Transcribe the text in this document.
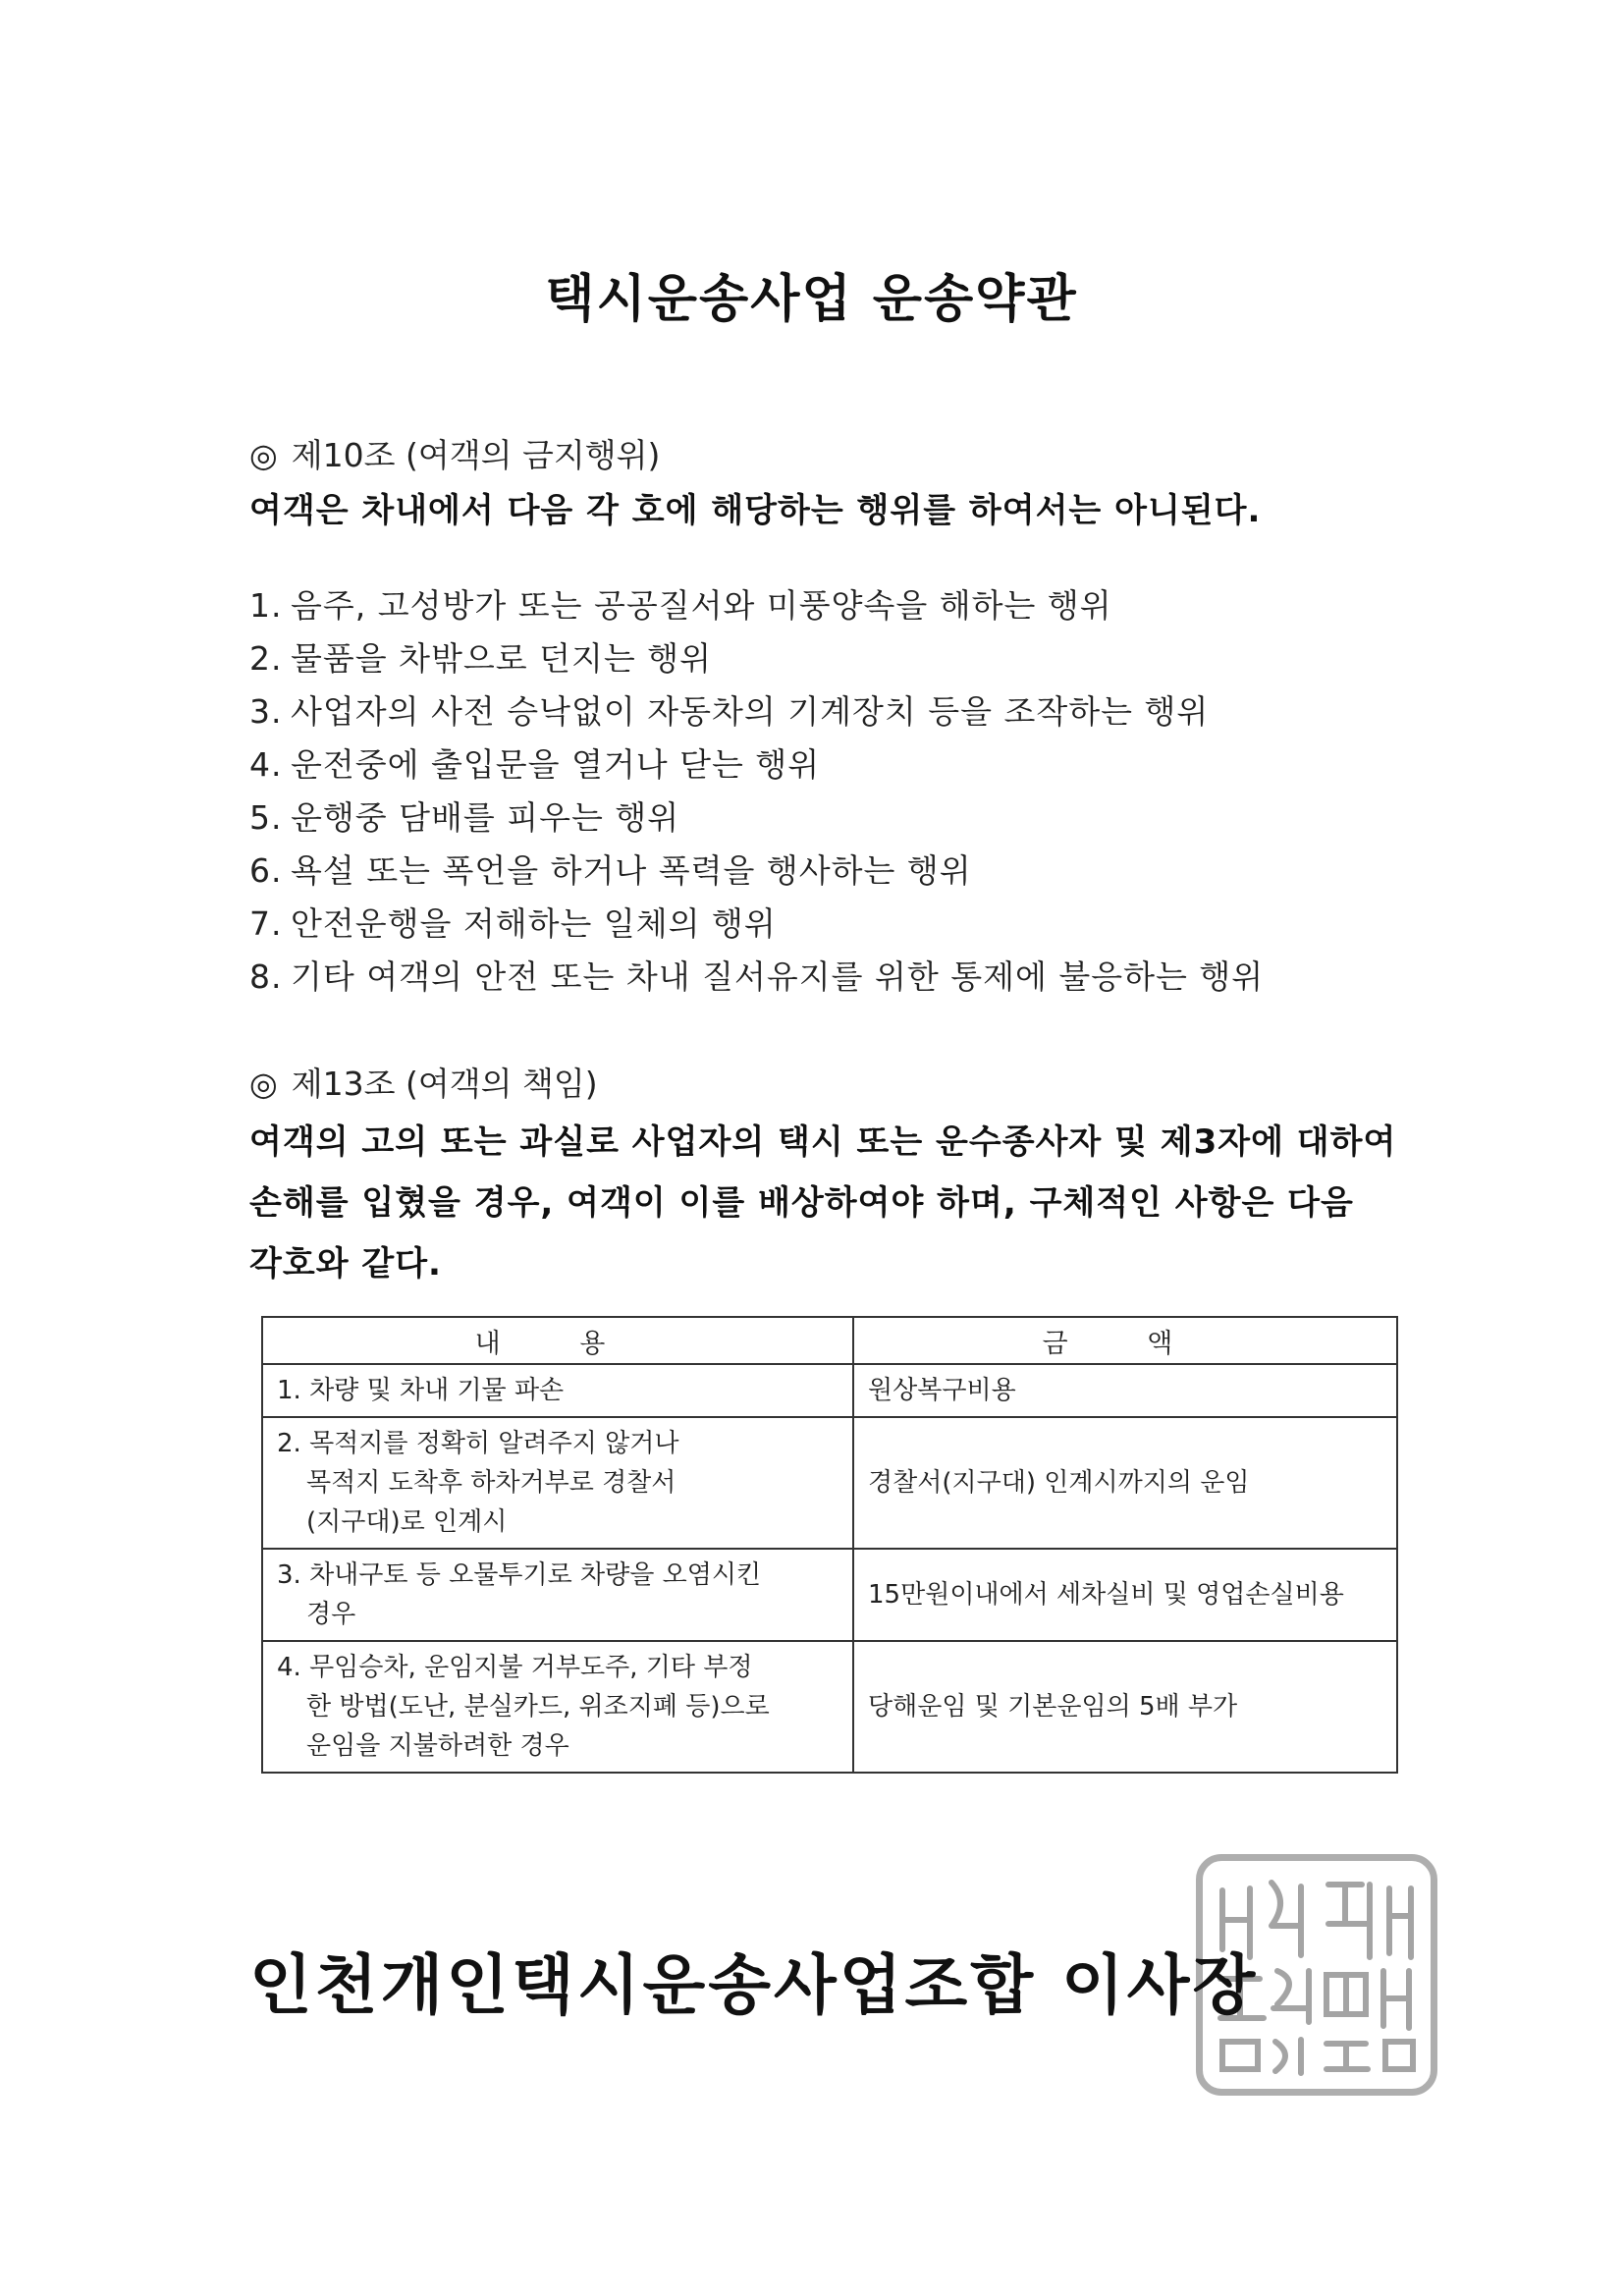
택시운송사업 운송약관
◎ 제10조 (여객의 금지행위)
여객은 차내에서 다음 각 호에 해당하는 행위를 하여서는 아니된다.
1. 음주, 고성방가 또는 공공질서와 미풍양속을 해하는 행위
2. 물품을 차밖으로 던지는 행위
3. 사업자의 사전 승낙없이 자동차의 기계장치 등을 조작하는 행위
4. 운전중에 출입문을 열거나 닫는 행위
5. 운행중 담배를 피우는 행위
6. 욕설 또는 폭언을 하거나 폭력을 행사하는 행위
7. 안전운행을 저해하는 일체의 행위
8. 기타 여객의 안전 또는 차내 질서유지를 위한 통제에 불응하는 행위
◎ 제13조 (여객의 책임)
여객의 고의 또는 과실로 사업자의 택시 또는 운수종사자 및 제3자에 대하여
손해를 입혔을 경우, 여객이 이를 배상하여야 하며, 구체적인 사항은 다음
각호와 같다.
내 용	금 액

1. 차량 및 차내 기물 파손	원상복구비용

2. 목적지를 정확히 알려주지 않거나
목적지 도착후 하차거부로 경찰서
(지구대)로 인계시	경찰서(지구대) 인계시까지의 운임

3. 차내구토 등 오물투기로 차량을 오염시킨
경우	15만원이내에서 세차실비 및 영업손실비용

4. 무임승차, 운임지불 거부도주, 기타 부정
한 방법(도난, 분실카드, 위조지폐 등)으로
운임을 지불하려한 경우	당해운임 및 기본운임의 5배 부가
인천개인택시운송사업조합 이사장
